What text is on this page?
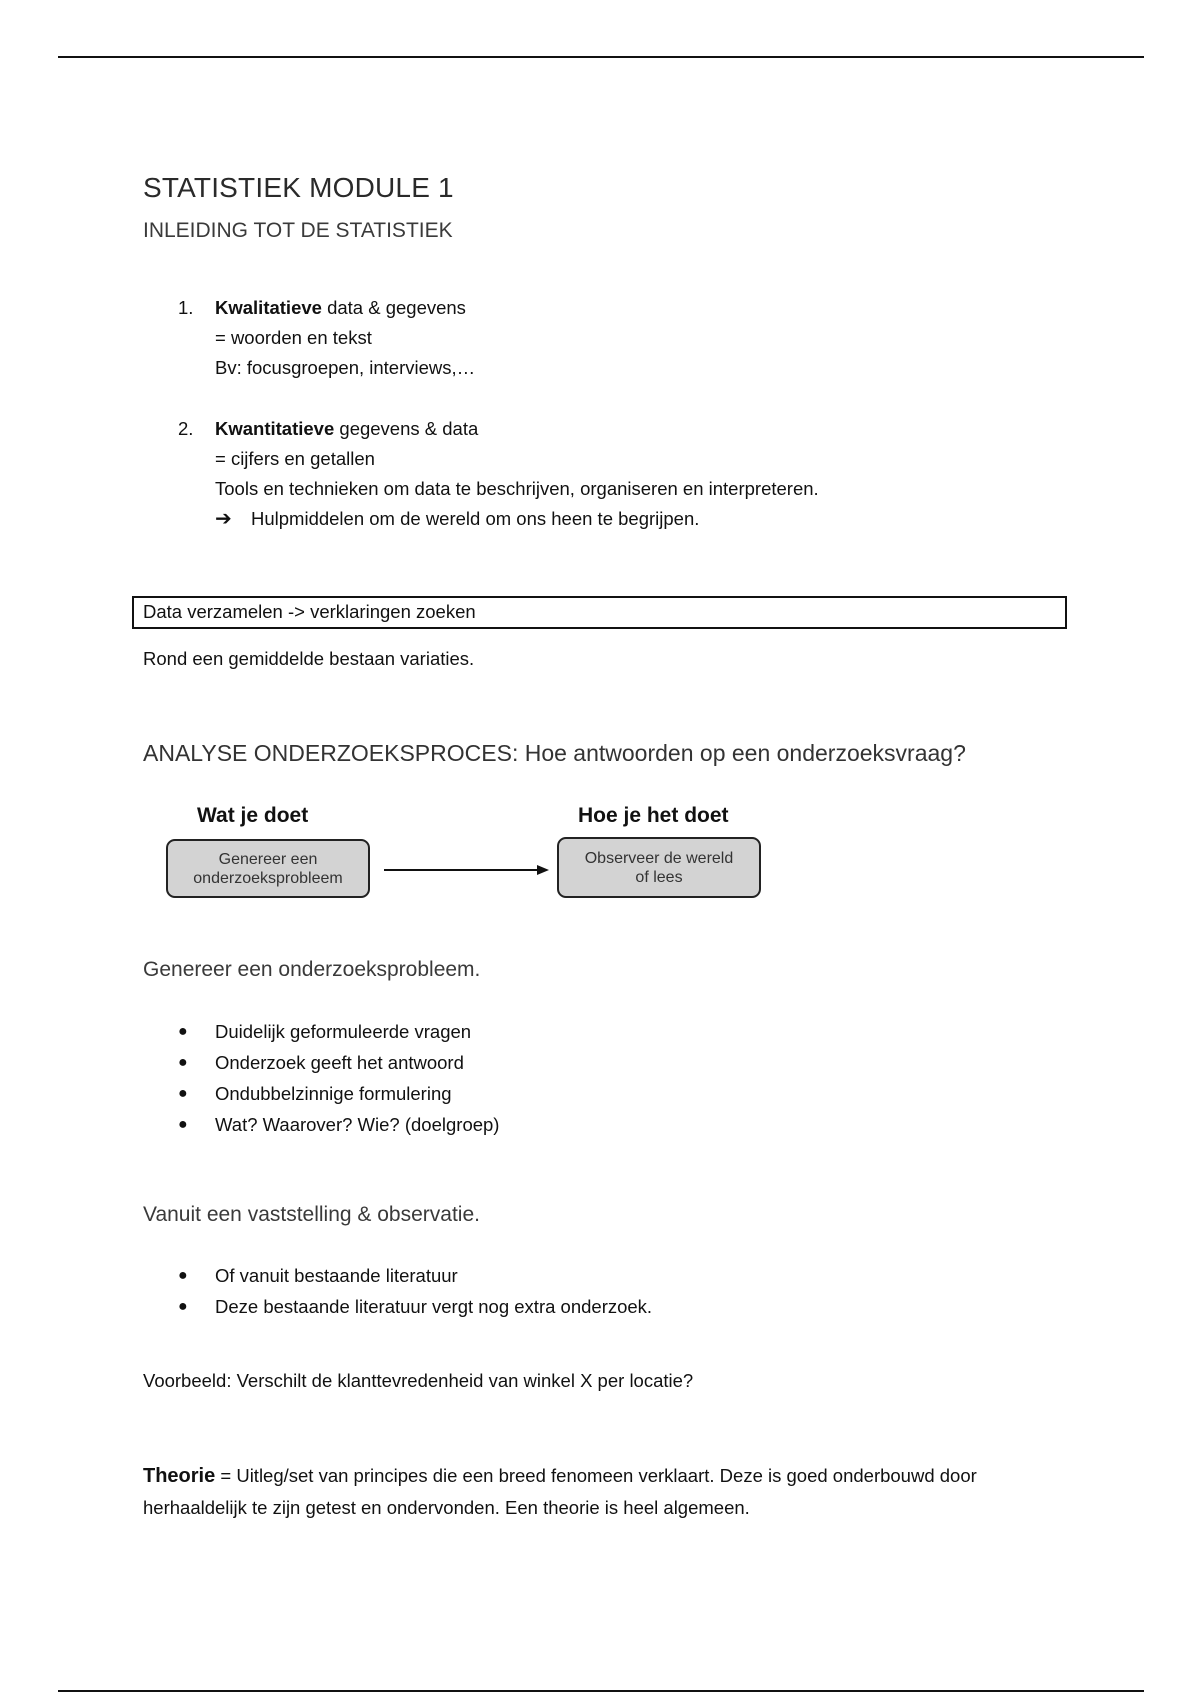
STATISTIEK MODULE 1
INLEIDING TOT DE STATISTIEK
1.	Kwalitatieve data & gegevens
= woorden en tekst
Bv: focusgroepen, interviews,…
2.	Kwantitatieve gegevens & data
= cijfers en getallen
Tools en technieken om data te beschrijven, organiseren en interpreteren.
➔	Hulpmiddelen om de wereld om ons heen te begrijpen.
Data verzamelen -> verklaringen zoeken
Rond een gemiddelde bestaan variaties.
ANALYSE ONDERZOEKSPROCES: Hoe antwoorden op een onderzoeksvraag?
Wat je doet	Hoe je het doet
Genereer een
onderzoeksprobleem
Observeer de wereld
of lees
Genereer een onderzoeksprobleem.
●	Duidelijk geformuleerde vragen
●	Onderzoek geeft het antwoord
●	Ondubbelzinnige formulering
●	Wat? Waarover? Wie? (doelgroep)
Vanuit een vaststelling & observatie.
●	Of vanuit bestaande literatuur
●	Deze bestaande literatuur vergt nog extra onderzoek.
Voorbeeld: Verschilt de klanttevredenheid van winkel X per locatie?
Theorie = Uitleg/set van principes die een breed fenomeen verklaart. Deze is goed onderbouwd door herhaaldelijk te zijn getest en ondervonden. Een theorie is heel algemeen.
